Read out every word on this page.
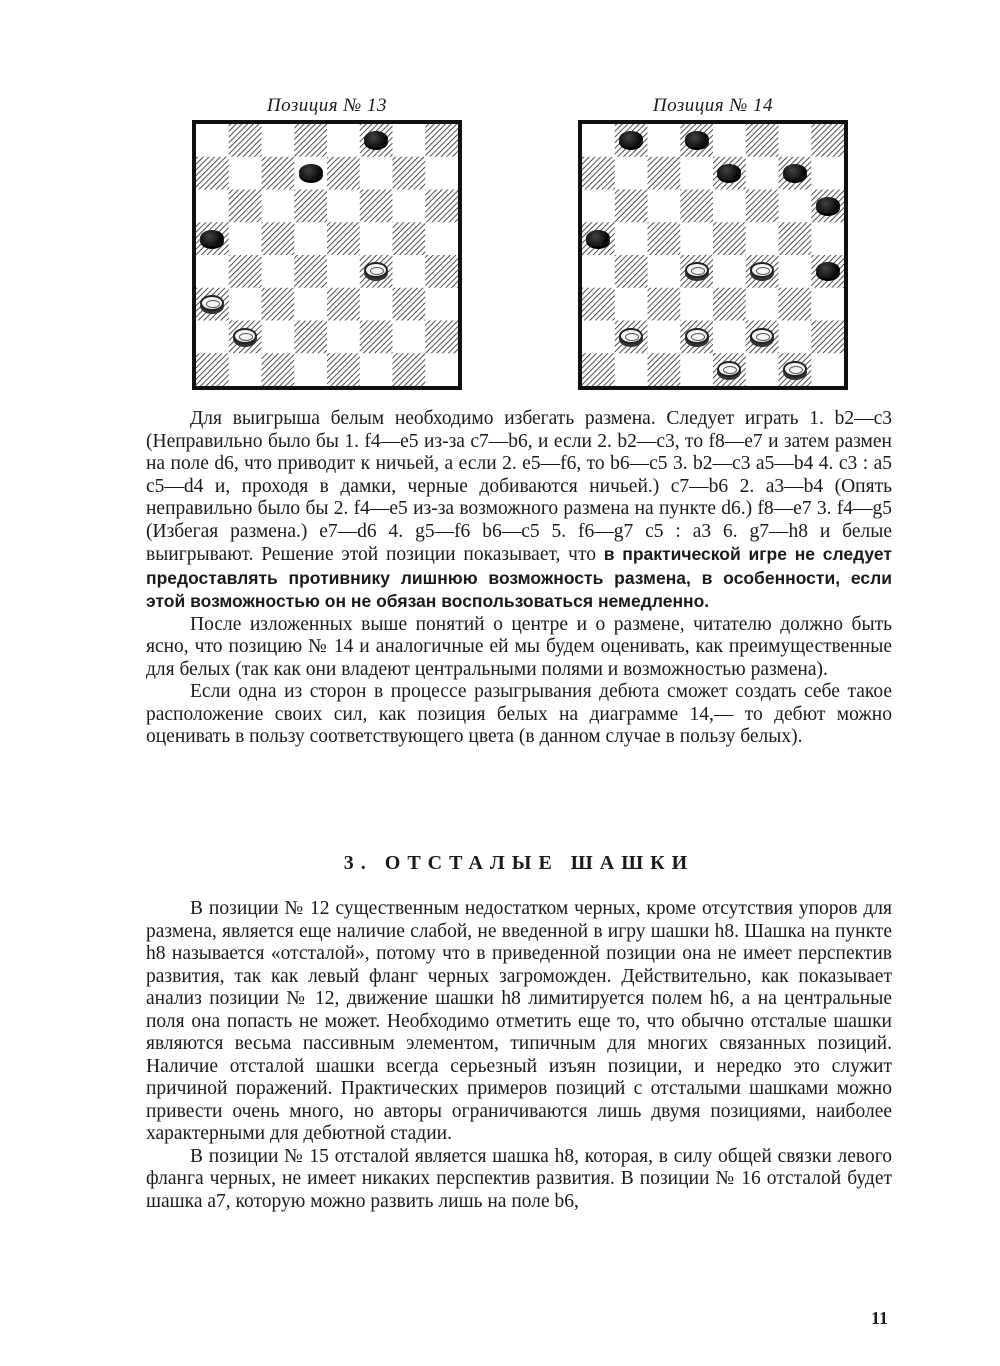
Позиция № 13	Позиция № 14

Для выигрыша белым необходимо избегать размена. Следует играть 1. b2—c3 (Неправильно было бы 1. f4—e5 из-за c7—b6, и если 2. b2—c3, то f8—e7 и затем размен на поле d6, что приводит к ничьей, а если 2. e5—f6, то b6—c5 3. b2—c3 a5—b4 4. c3 : a5 c5—d4 и, проходя в дамки, черные добиваются ничьей.) c7—b6 2. a3—b4 (Опять неправильно было бы 2. f4—e5 из-за возможного размена на пункте d6.) f8—e7 3. f4—g5 (Избегая размена.) e7—d6 4. g5—f6 b6—c5 5. f6—g7 c5 : a3 6. g7—h8 и белые выигрывают. Решение этой позиции показывает, что в практической игре не следует предоставлять противнику лишнюю возможность размена, в особенности, если этой возможностью он не обязан воспользоваться немедленно.

После изложенных выше понятий о центре и о размене, читателю должно быть ясно, что позицию № 14 и аналогичные ей мы будем оценивать, как преимущественные для белых (так как они владеют центральными полями и возможностью размена).

Если одна из сторон в процессе разыгрывания дебюта сможет создать себе такое расположение своих сил, как позиция белых на диаграмме 14,— то дебют можно оценивать в пользу соответствующего цвета (в данном случае в пользу белых).

3. ОТСТАЛЫЕ ШАШКИ

В позиции № 12 существенным недостатком черных, кроме отсутствия упоров для размена, является еще наличие слабой, не введенной в игру шашки h8. Шашка на пункте h8 называется «отсталой», потому что в приведенной позиции она не имеет перспектив развития, так как левый фланг черных загроможден. Действительно, как показывает анализ позиции № 12, движение шашки h8 лимитируется полем h6, а на центральные поля она попасть не может. Необходимо отметить еще то, что обычно отсталые шашки являются весьма пассивным элементом, типичным для многих связанных позиций. Наличие отсталой шашки всегда серьезный изъян позиции, и нередко это служит причиной поражений. Практических примеров позиций с отсталыми шашками можно привести очень много, но авторы ограничиваются лишь двумя позициями, наиболее характерными для дебютной стадии.

В позиции № 15 отсталой является шашка h8, которая, в силу общей связки левого фланга черных, не имеет никаких перспектив развития. В позиции № 16 отсталой будет шашка a7, которую можно развить лишь на поле b6,

11
